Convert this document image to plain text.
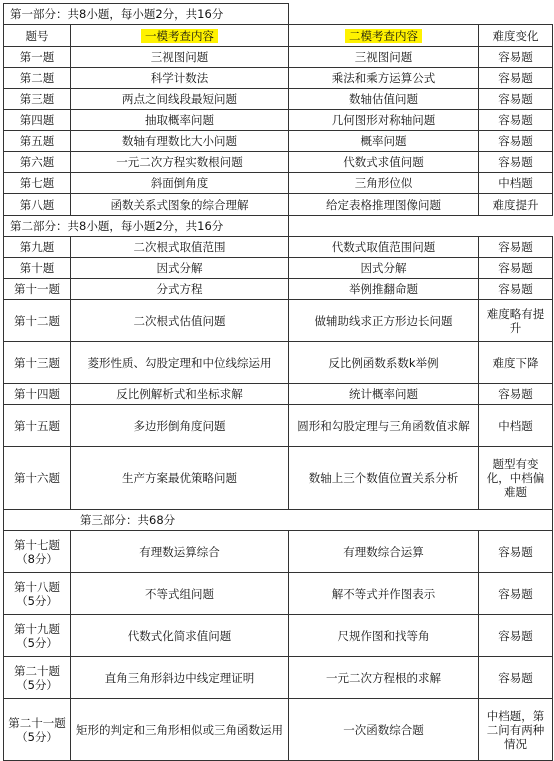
第一部分：共8小题，每小题2分，共16分			
题号	一模考查内容	二模考查内容	难度变化
第一题	三视图问题	三视图问题	容易题
第二题	科学计数法	乘法和乘方运算公式	容易题
第三题	两点之间线段最短问题	数轴估值问题	容易题
第四题	抽取概率问题	几何图形对称轴问题	容易题
第五题	数轴有理数比大小问题	概率问题	容易题
第六题	一元二次方程实数根问题	代数式求值问题	容易题
第七题	斜面倒角度	三角形位似	中档题
第八题	函数关系式图象的综合理解	给定表格推理图像问题	难度提升
第二部分：共8小题，每小题2分，共16分			
第九题	二次根式取值范围	代数式取值范围问题	容易题
第十题	因式分解	因式分解	容易题
第十一题	分式方程	举例推翻命题	容易题
第十二题	二次根式估值问题	做辅助线求正方形边长问题	难度略有提升
第十三题	菱形性质、勾股定理和中位线综运用	反比例函数系数k举例	难度下降
第十四题	反比例解析式和坐标求解	统计概率问题	容易题
第十五题	多边形倒角度问题	圆形和勾股定理与三角函数值求解	中档题
第十六题	生产方案最优策略问题	数轴上三个数值位置关系分析	题型有变化，中档偏难题
第三部分：共68分			
第十七题（8分）	有理数运算综合	有理数综合运算	容易题
第十八题（5分）	不等式组问题	解不等式并作图表示	容易题
第十九题（5分）	代数式化简求值问题	尺规作图和找等角	容易题
第二十题（5分）	直角三角形斜边中线定理证明	一元二次方程根的求解	容易题
第二十一题（5分）	矩形的判定和三角形相似或三角函数运用	一次函数综合题	中档题，第二问有两种情况
